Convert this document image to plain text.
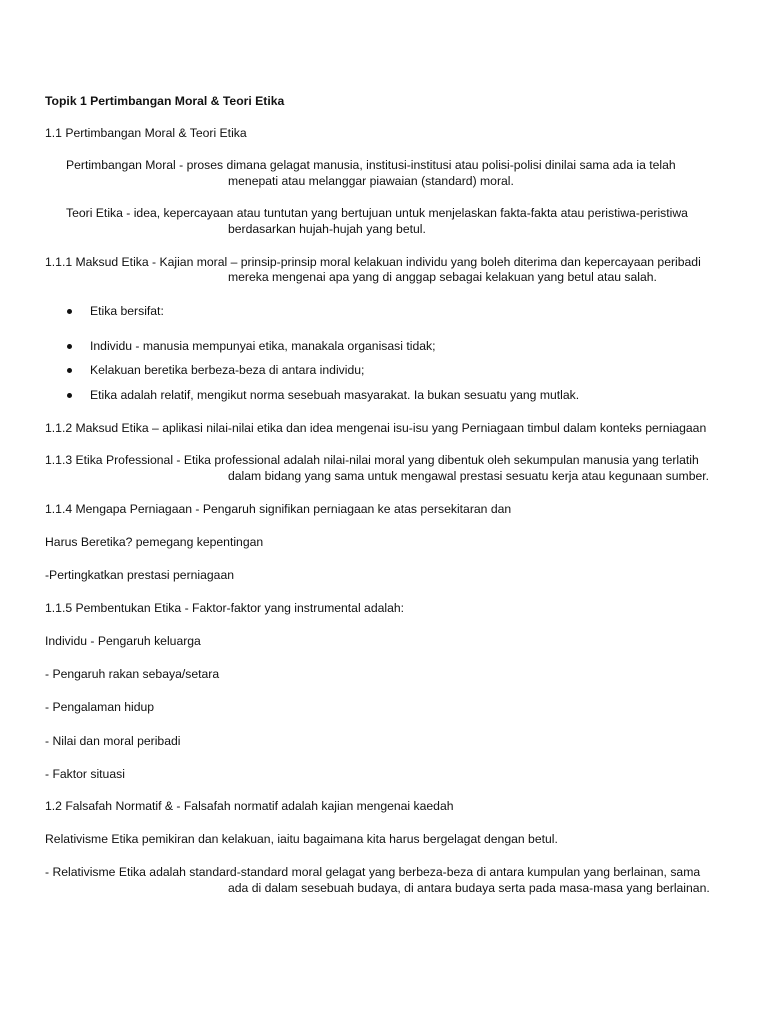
Topik 1 Pertimbangan Moral & Teori Etika
1.1 Pertimbangan Moral & Teori Etika
Pertimbangan Moral - proses dimana gelagat manusia, institusi-institusi atau polisi-polisi dinilai sama ada ia telah
menepati atau melanggar piawaian (standard) moral.
Teori Etika - idea, kepercayaan atau tuntutan yang bertujuan untuk menjelaskan fakta-fakta atau peristiwa-peristiwa
berdasarkan hujah-hujah yang betul.
1.1.1 Maksud Etika - Kajian moral – prinsip-prinsip moral kelakuan individu yang boleh diterima dan kepercayaan peribadi
mereka mengenai apa yang di anggap sebagai kelakuan yang betul atau salah.
Etika bersifat:
Individu - manusia mempunyai etika, manakala organisasi tidak;
Kelakuan beretika berbeza-beza di antara individu;
Etika adalah relatif, mengikut norma sesebuah masyarakat. Ia bukan sesuatu yang mutlak.
1.1.2 Maksud Etika – aplikasi nilai-nilai etika dan idea mengenai isu-isu yang Perniagaan timbul dalam konteks perniagaan
1.1.3 Etika Professional - Etika professional adalah nilai-nilai moral yang dibentuk oleh sekumpulan manusia yang terlatih
dalam bidang yang sama untuk mengawal prestasi sesuatu kerja atau kegunaan sumber.
1.1.4 Mengapa Perniagaan - Pengaruh signifikan perniagaan ke atas persekitaran dan
Harus Beretika? pemegang kepentingan
-Pertingkatkan prestasi perniagaan
1.1.5 Pembentukan Etika - Faktor-faktor yang instrumental adalah:
Individu - Pengaruh keluarga
- Pengaruh rakan sebaya/setara
- Pengalaman hidup
- Nilai dan moral peribadi
- Faktor situasi
1.2 Falsafah Normatif & - Falsafah normatif adalah kajian mengenai kaedah
Relativisme Etika pemikiran dan kelakuan, iaitu bagaimana kita harus bergelagat dengan betul.
- Relativisme Etika adalah standard-standard moral gelagat yang berbeza-beza di antara kumpulan yang berlainan, sama
ada di dalam sesebuah budaya, di antara budaya serta pada masa-masa yang berlainan.
